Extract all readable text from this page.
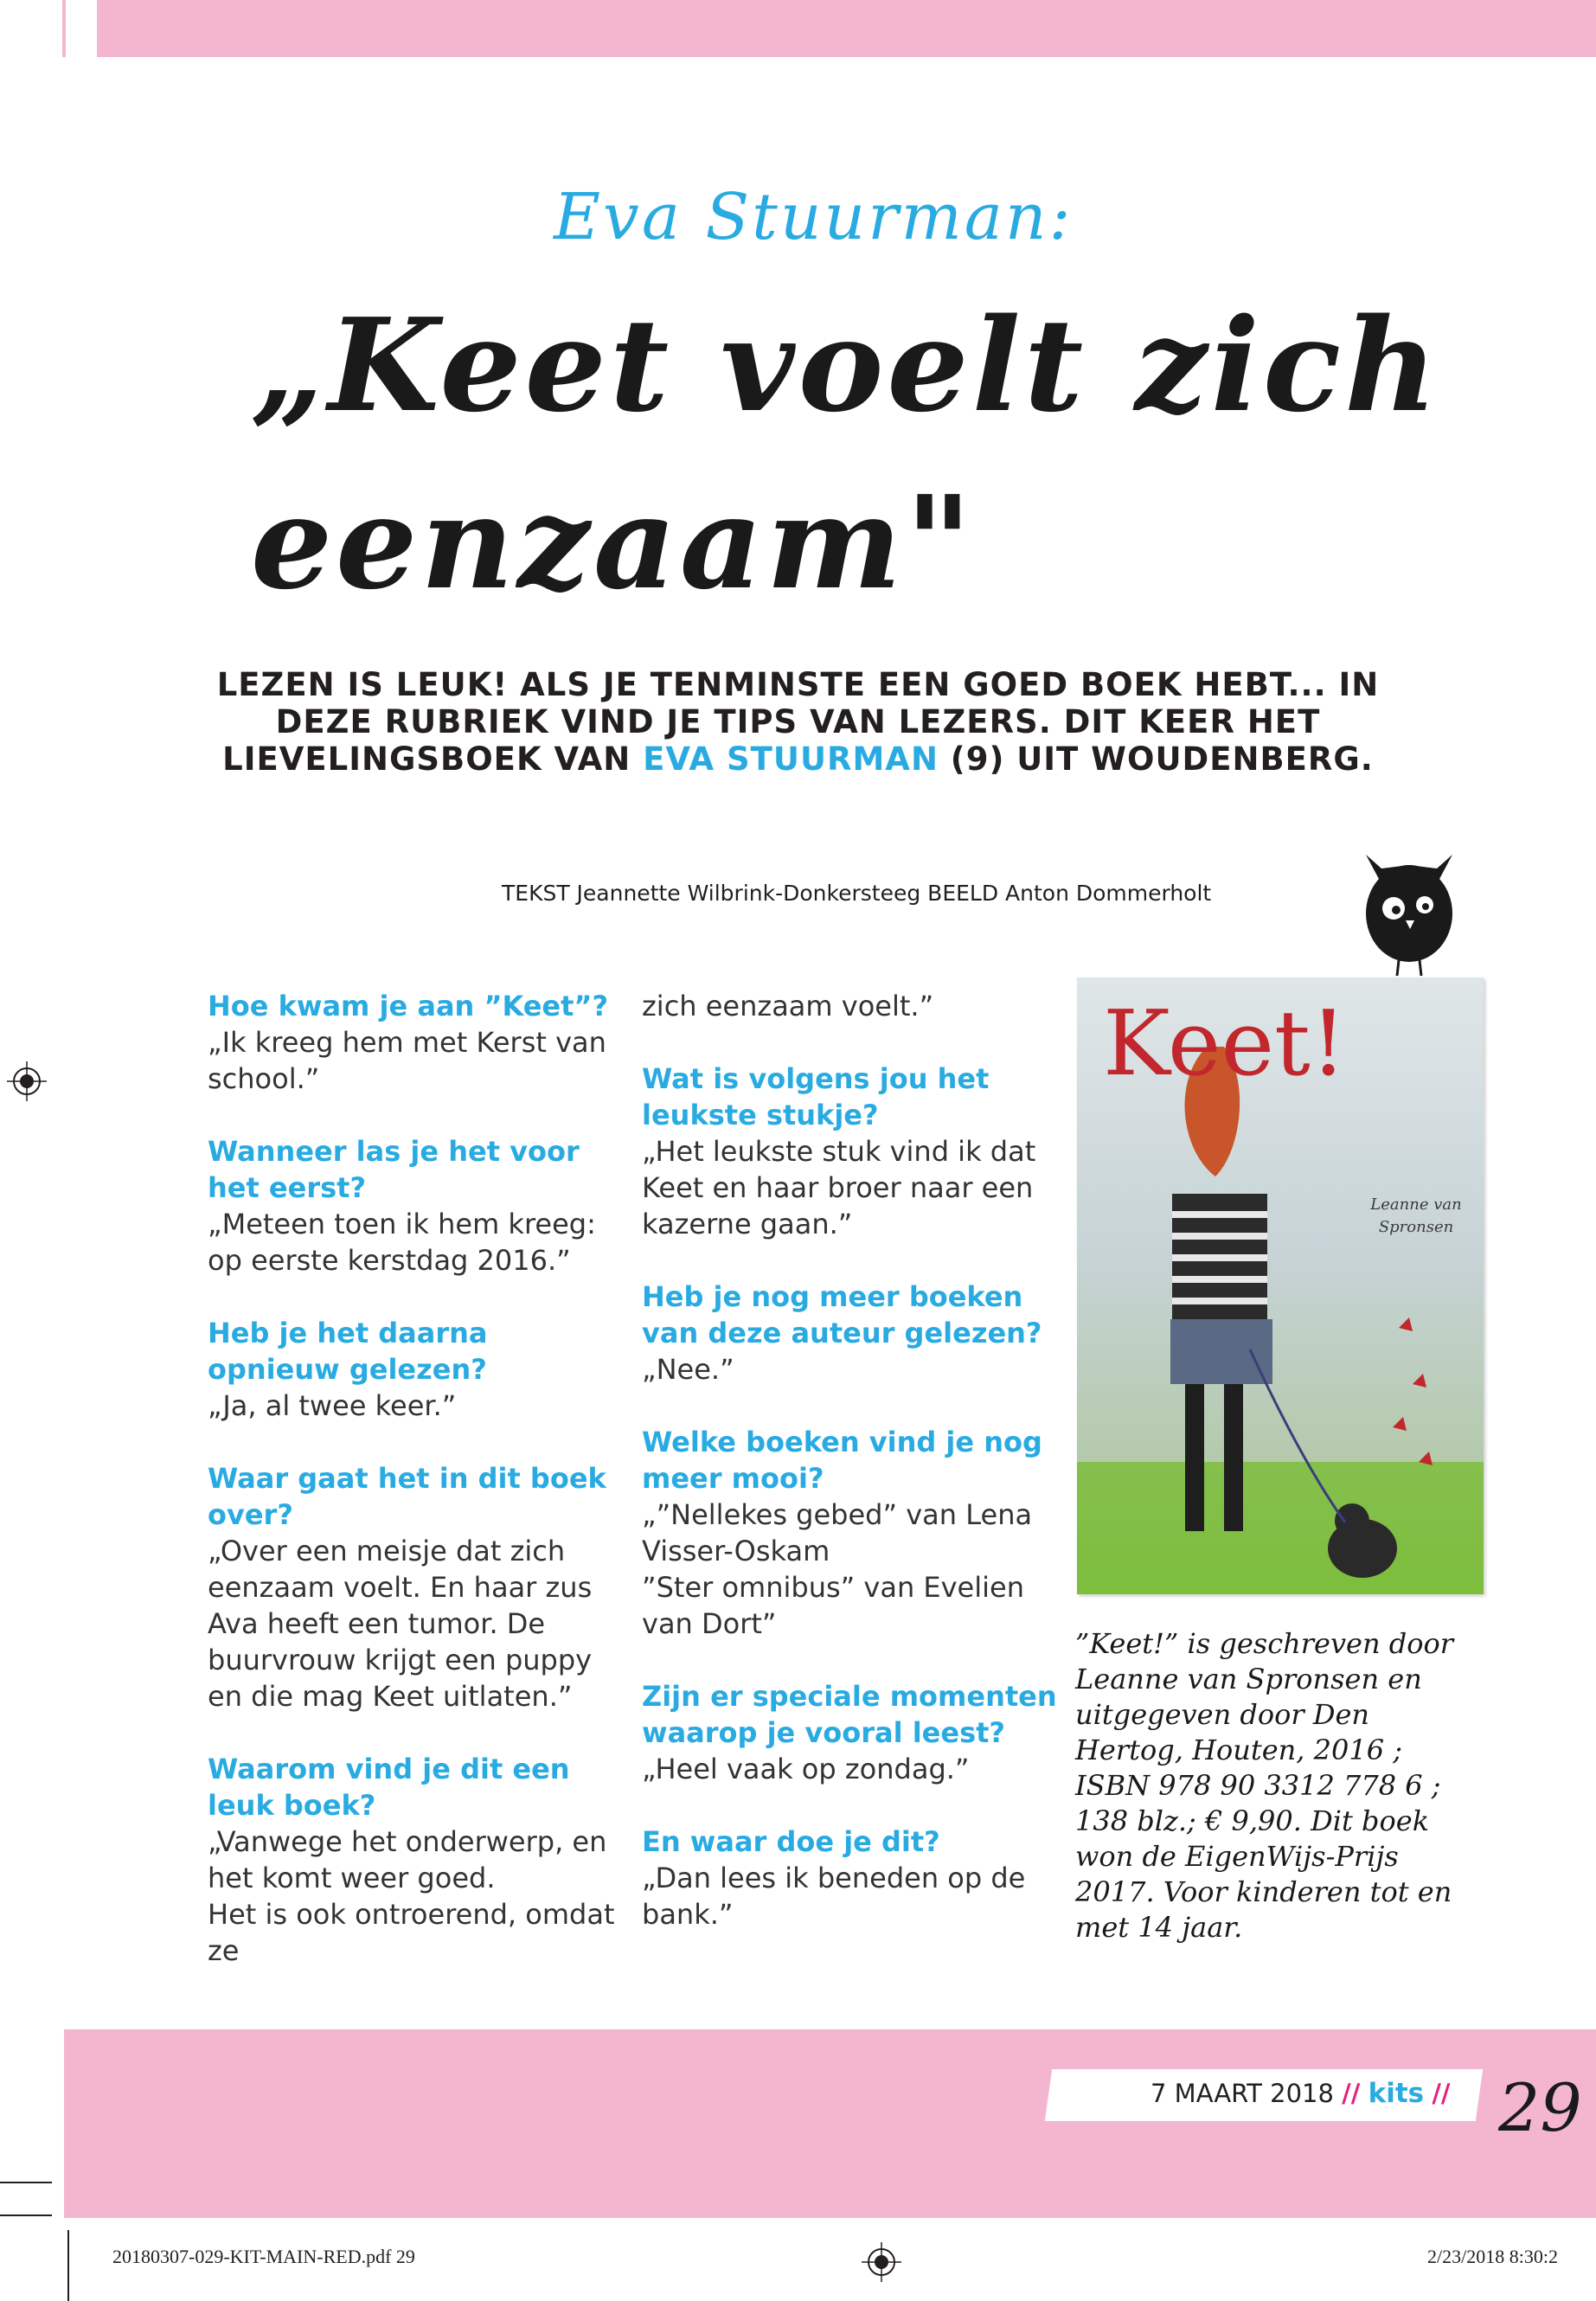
Eva Stuurman:
„Keet voelt zich
eenzaam"
LEZEN IS LEUK! ALS JE TENMINSTE EEN GOED BOEK HEBT... IN DEZE RUBRIEK VIND JE TIPS VAN LEZERS. DIT KEER HET LIEVELINGSBOEK VAN EVA STUURMAN (9) UIT WOUDENBERG.
TEKST Jeannette Wilbrink-Donkersteeg BEELD Anton Dommerholt
Hoe kwam je aan ”Keet”?
„Ik kreeg hem met Kerst van school.”
Wanneer las je het voor het eerst?
„Meteen toen ik hem kreeg: op eerste kerstdag 2016.”
Heb je het daarna opnieuw gelezen?
„Ja, al twee keer.”
Waar gaat het in dit boek over?
„Over een meisje dat zich eenzaam voelt. En haar zus Ava heeft een tumor. De buurvrouw krijgt een puppy en die mag Keet uitlaten.”
Waarom vind je dit een leuk boek?
„Vanwege het onderwerp, en het komt weer goed.
Het is ook ontroerend, omdat ze
zich eenzaam voelt.”
Wat is volgens jou het leukste stukje?
„Het leukste stuk vind ik dat Keet en haar broer naar een kazerne gaan.”
Heb je nog meer boeken van deze auteur gelezen?
„Nee.”
Welke boeken vind je nog meer mooi?
„”Nellekes gebed” van Lena Visser-Oskam
”Ster omnibus” van Evelien van Dort”
Zijn er speciale momenten waarop je vooral leest?
„Heel vaak op zondag.”
En waar doe je dit?
„Dan lees ik beneden op de bank.”
Keet!
Leanne van Spronsen
”Keet!” is geschreven door Leanne van Spronsen en uitgegeven door Den Hertog, Houten, 2016 ; ISBN 978 90 3312 778 6 ; 138 blz.; € 9,90. Dit boek won de EigenWijs-Prijs 2017. Voor kinderen tot en met 14 jaar.
7 MAART 2018 // kits // 29
20180307-029-KIT-MAIN-RED.pdf 29	2/23/2018 8:30:2
